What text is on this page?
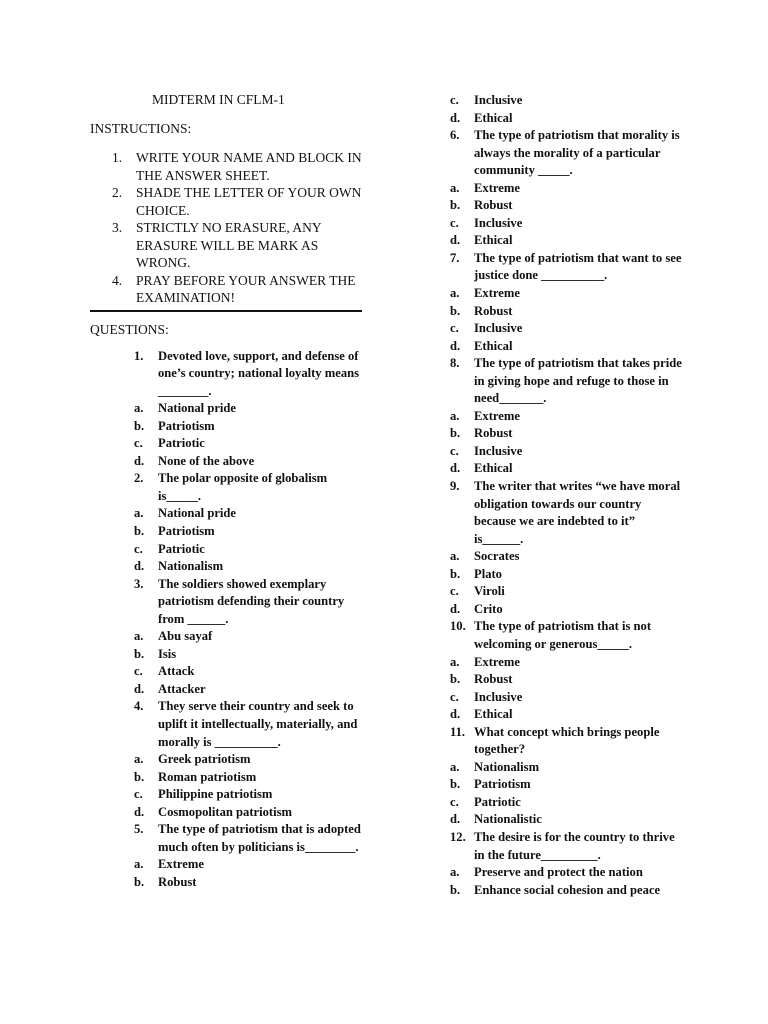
MIDTERM IN CFLM-1
INSTRUCTIONS:
1. WRITE YOUR NAME AND BLOCK IN THE ANSWER SHEET.
2. SHADE THE LETTER OF YOUR OWN CHOICE.
3. STRICTLY NO ERASURE, ANY ERASURE WILL BE MARK AS WRONG.
4. PRAY BEFORE YOUR ANSWER THE EXAMINATION!
QUESTIONS:
1. Devoted love, support, and defense of one’s country; national loyalty means ________.
a. National pride
b. Patriotism
c. Patriotic
d. None of the above
2. The polar opposite of globalism is_____.
a. National pride
b. Patriotism
c. Patriotic
d. Nationalism
3. The soldiers showed exemplary patriotism defending their country from ______.
a. Abu sayaf
b. Isis
c. Attack
d. Attacker
4. They serve their country and seek to uplift it intellectually, materially, and morally is __________.
a. Greek patriotism
b. Roman patriotism
c. Philippine patriotism
d. Cosmopolitan patriotism
5. The type of patriotism that is adopted much often by politicians is________.
a. Extreme
b. Robust
c. Inclusive
d. Ethical
6. The type of patriotism that morality is always the morality of a particular community _____.
a. Extreme
b. Robust
c. Inclusive
d. Ethical
7. The type of patriotism that want to see justice done __________.
a. Extreme
b. Robust
c. Inclusive
d. Ethical
8. The type of patriotism that takes pride in giving hope and refuge to those in need_______.
a. Extreme
b. Robust
c. Inclusive
d. Ethical
9. The writer that writes “we have moral obligation towards our country because we are indebted to it” is______.
a. Socrates
b. Plato
c. Viroli
d. Crito
10. The type of patriotism that is not welcoming or generous_____.
a. Extreme
b. Robust
c. Inclusive
d. Ethical
11. What concept which brings people together?
a. Nationalism
b. Patriotism
c. Patriotic
d. Nationalistic
12. The desire is for the country to thrive in the future_________.
a. Preserve and protect the nation
b. Enhance social cohesion and peace
